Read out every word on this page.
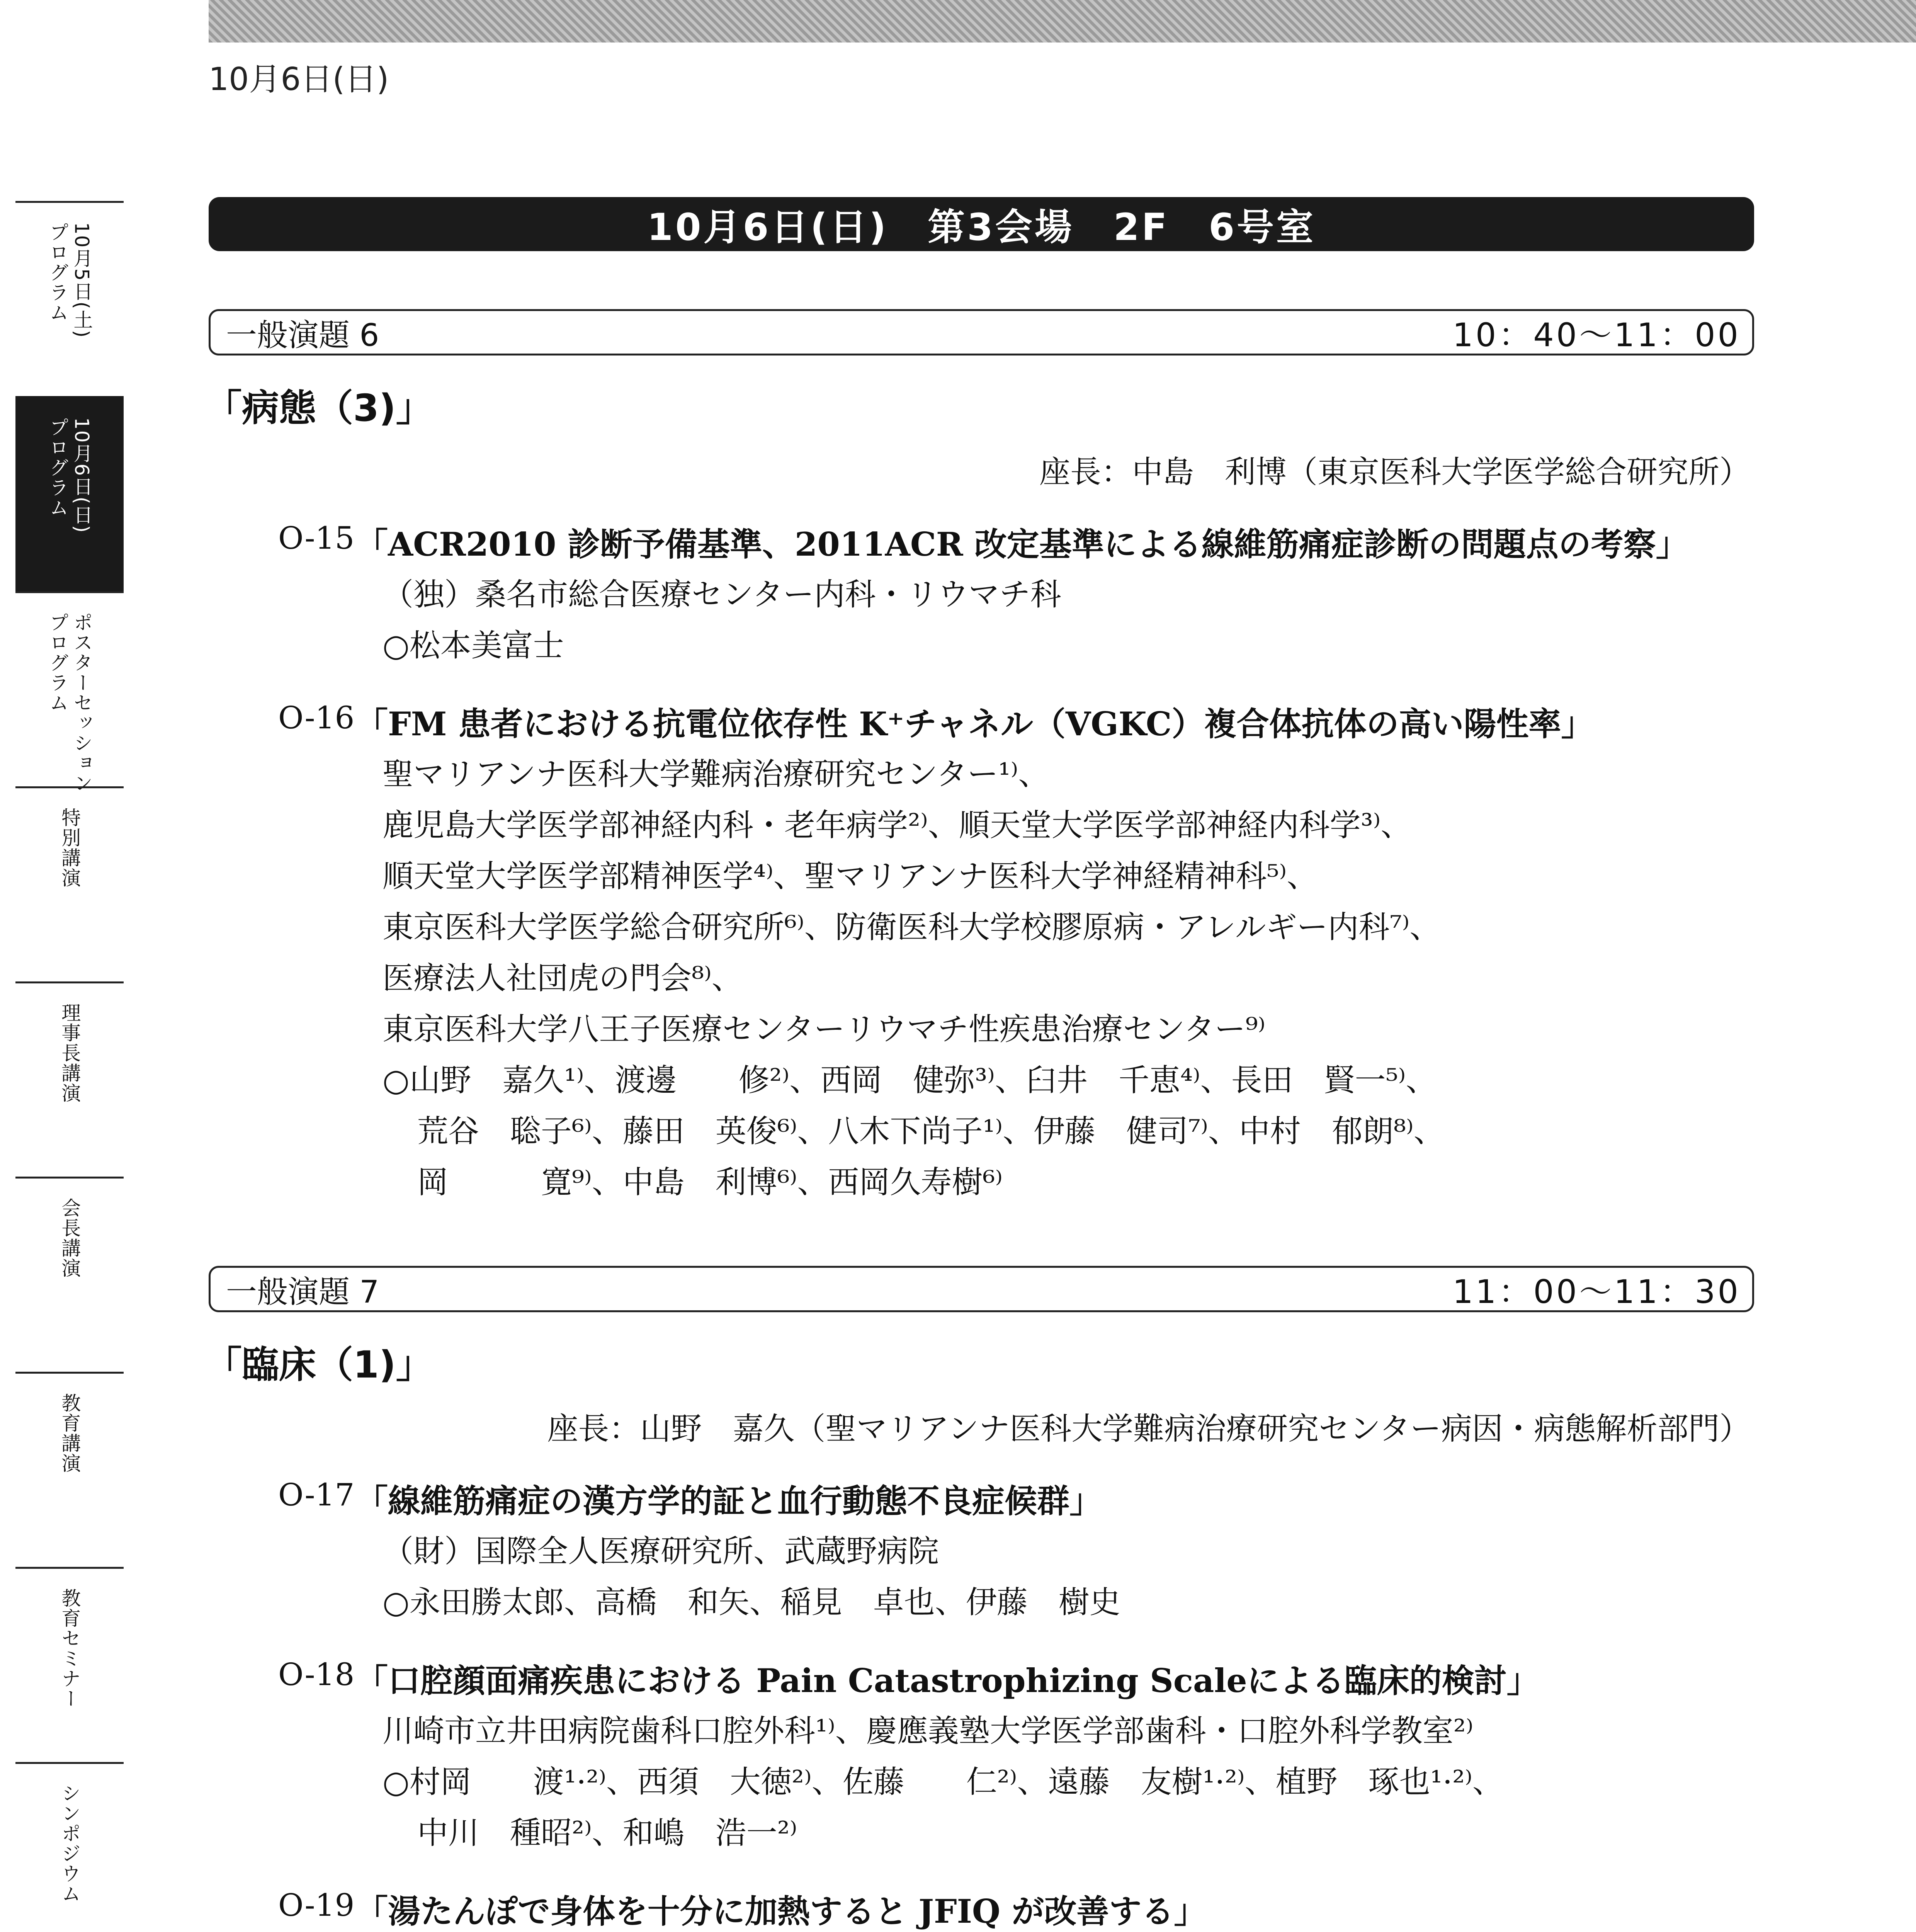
10月6日(日)
10月5日(土)
プログラム
10月6日(日)
プログラム
ポスターセッション
プログラム
特別講演
理事長講演
会長講演
教育講演
教育セミナー
シンポジウム
10月6日(日)　第3会場　2F　6号室
一般演題 6	10：40〜11：00
「病態（3)」
座長：中島　利博（東京医科大学医学総合研究所）
O-15 「ACR2010 診断予備基準、2011ACR 改定基準による線維筋痛症診断の問題点の考察」
（独）桑名市総合医療センター内科・リウマチ科
○松本美富士
O-16 「FM 患者における抗電位依存性 K⁺チャネル（VGKC）複合体抗体の高い陽性率」
聖マリアンナ医科大学難病治療研究センター¹⁾、
鹿児島大学医学部神経内科・老年病学²⁾、順天堂大学医学部神経内科学³⁾、
順天堂大学医学部精神医学⁴⁾、聖マリアンナ医科大学神経精神科⁵⁾、
東京医科大学医学総合研究所⁶⁾、防衛医科大学校膠原病・アレルギー内科⁷⁾、
医療法人社団虎の門会⁸⁾、
東京医科大学八王子医療センターリウマチ性疾患治療センター⁹⁾
○山野　嘉久¹⁾、渡邊　　修²⁾、西岡　健弥³⁾、臼井　千恵⁴⁾、長田　賢一⁵⁾、
荒谷　聡子⁶⁾、藤田　英俊⁶⁾、八木下尚子¹⁾、伊藤　健司⁷⁾、中村　郁朗⁸⁾、
岡　　　寛⁹⁾、中島　利博⁶⁾、西岡久寿樹⁶⁾
一般演題 7	11：00〜11：30
「臨床（1)」
座長：山野　嘉久（聖マリアンナ医科大学難病治療研究センター病因・病態解析部門）
O-17 「線維筋痛症の漢方学的証と血行動態不良症候群」
（財）国際全人医療研究所、武蔵野病院
○永田勝太郎、高橋　和矢、稲見　卓也、伊藤　樹史
O-18 「口腔顔面痛疾患における Pain Catastrophizing Scaleによる臨床的検討」
川崎市立井田病院歯科口腔外科¹⁾、慶應義塾大学医学部歯科・口腔外科学教室²⁾
○村岡　　渡¹·²⁾、西須　大徳²⁾、佐藤　　仁²⁾、遠藤　友樹¹·²⁾、植野　琢也¹·²⁾、
中川　種昭²⁾、和嶋　浩一²⁾
O-19 「湯たんぽで身体を十分に加熱すると JFIQ が改善する」
